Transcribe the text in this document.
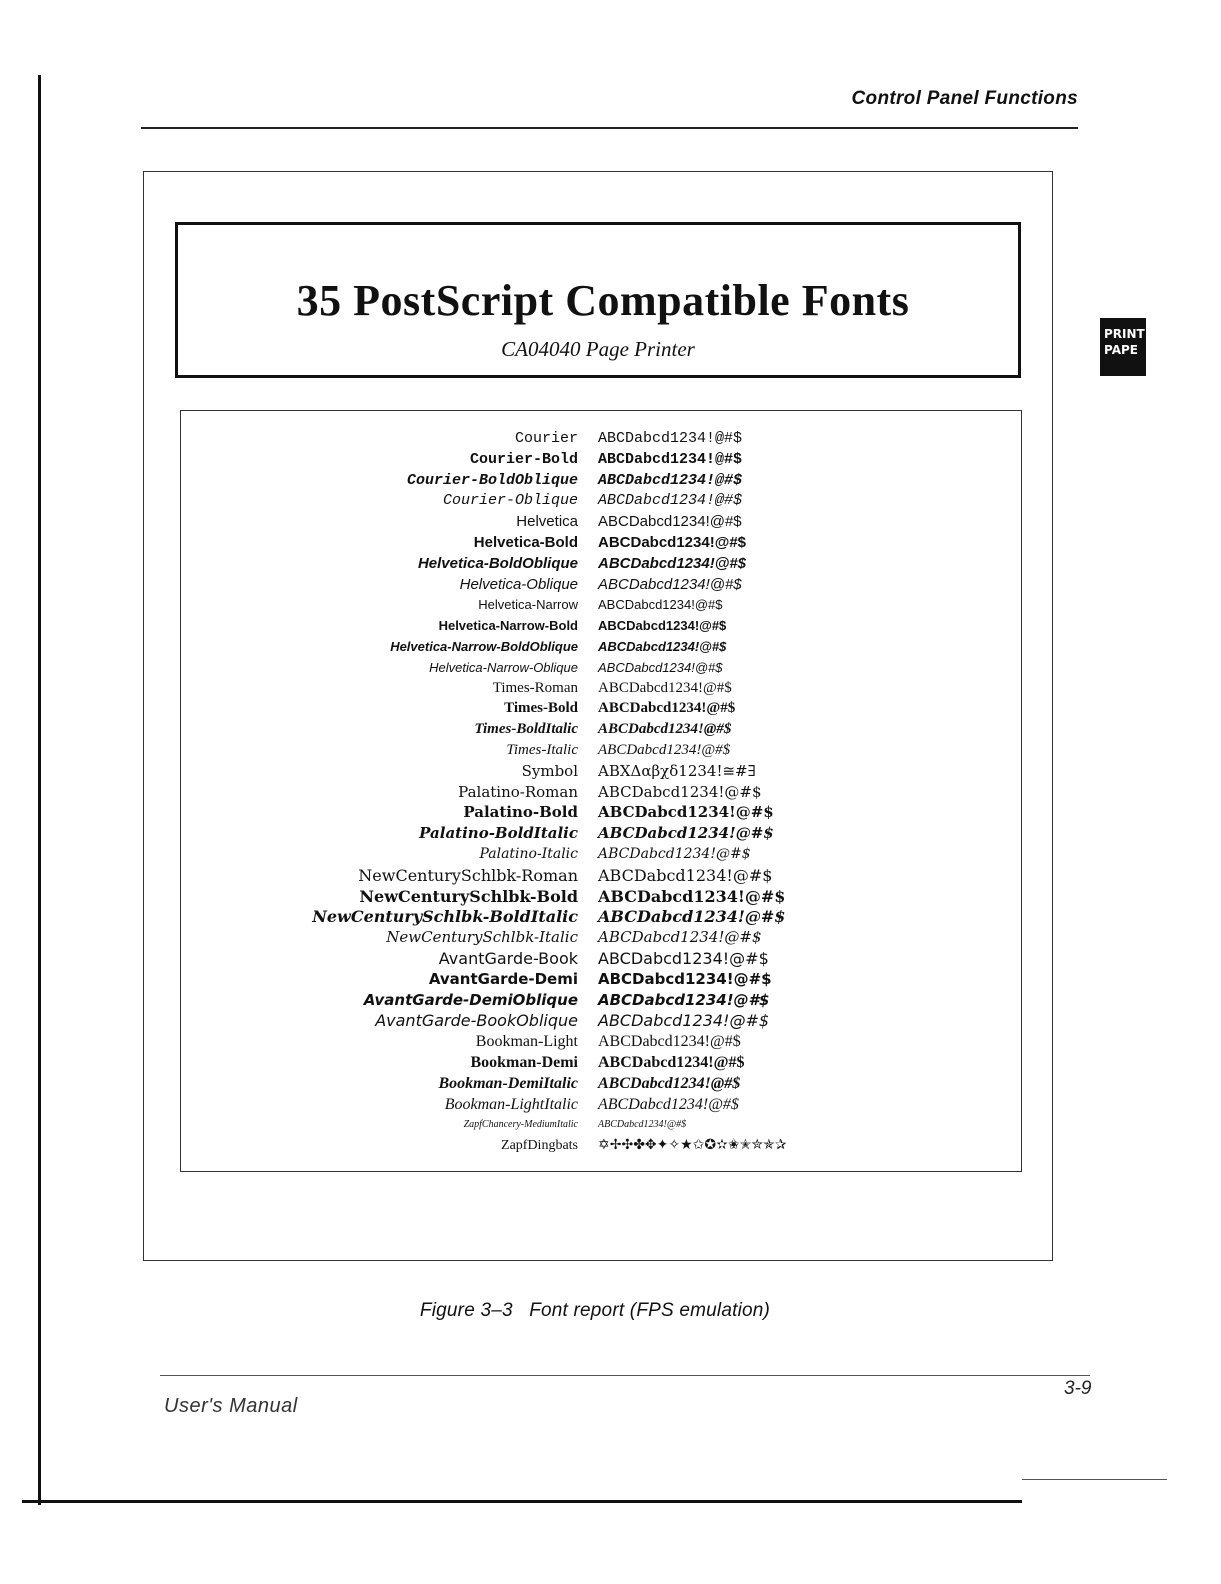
Control Panel Functions
PRINT
PAPE
35 PostScript Compatible Fonts
CA04040 Page Printer
Courier ABCDabcd1234!@#$
Courier-Bold ABCDabcd1234!@#$
Courier-BoldOblique ABCDabcd1234!@#$
Courier-Oblique ABCDabcd1234!@#$
Helvetica ABCDabcd1234!@#$
Helvetica-Bold ABCDabcd1234!@#$
Helvetica-BoldOblique ABCDabcd1234!@#$
Helvetica-Oblique ABCDabcd1234!@#$
Helvetica-Narrow ABCDabcd1234!@#$
Helvetica-Narrow-Bold ABCDabcd1234!@#$
Helvetica-Narrow-BoldOblique ABCDabcd1234!@#$
Helvetica-Narrow-Oblique ABCDabcd1234!@#$
Times-Roman ABCDabcd1234!@#$
Times-Bold ABCDabcd1234!@#$
Times-BoldItalic ABCDabcd1234!@#$
Times-Italic ABCDabcd1234!@#$
Symbol ΑΒΧΔαβχδ1234!≅#∃
Palatino-Roman ABCDabcd1234!@#$
Palatino-Bold ABCDabcd1234!@#$
Palatino-BoldItalic ABCDabcd1234!@#$
Palatino-Italic ABCDabcd1234!@#$
NewCenturySchlbk-Roman ABCDabcd1234!@#$
NewCenturySchlbk-Bold ABCDabcd1234!@#$
NewCenturySchlbk-BoldItalic ABCDabcd1234!@#$
NewCenturySchlbk-Italic ABCDabcd1234!@#$
AvantGarde-Book ABCDabcd1234!@#$
AvantGarde-Demi ABCDabcd1234!@#$
AvantGarde-DemiOblique ABCDabcd1234!@#$
AvantGarde-BookOblique ABCDabcd1234!@#$
Bookman-Light ABCDabcd1234!@#$
Bookman-Demi ABCDabcd1234!@#$
Bookman-DemiItalic ABCDabcd1234!@#$
Bookman-LightItalic ABCDabcd1234!@#$
ZapfChancery-MediumItalic ABCDabcd1234!@#$
ZapfDingbats ✡✢✣✤✥✦✧★✩✪✫✬✭✮✯✰
Figure 3–3 Font report (FPS emulation)
User's Manual
3-9
